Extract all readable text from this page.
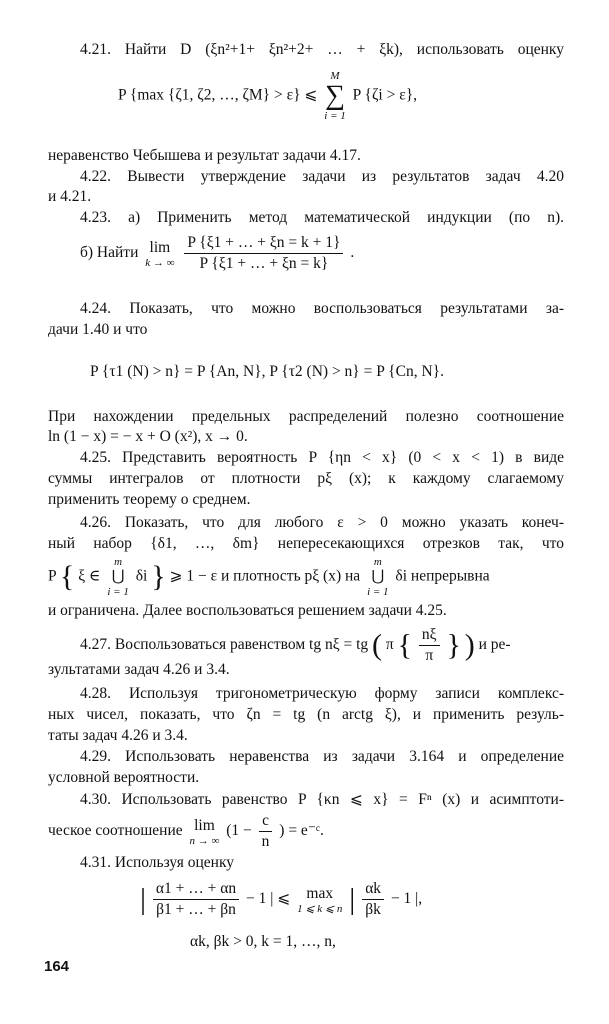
4.21. Найти D (ξn²+1+ ξn²+2+ … + ξk), использовать оценку
P {max {ζ1, ζ2, …, ζM} > ε} ⩽
M
∑
i = 1
P {ζi > ε},
неравенство Чебышева и результат задачи 4.17.
4.22. Вывести утверждение задачи из результатов задач 4.20
и 4.21.
4.23. а) Применить метод математической индукции (по n).
б) Найти lim
k → ∞
$\frac{P \{\xi 1 + \dots + \xi n = k + 1\}}{P \{\xi 1 + \dots + \xi n = k\}}$ .
4.24. Показать, что можно воспользоваться результатами за-
дачи 1.40 и что
P {τ1 (N) > n} = P {An, N}, P {τ2 (N) > n} = P {Cn, N}.
При нахождении предельных распределений полезно соотношение
ln (1 − x) = − x + O (x²), x → 0.
4.25. Представить вероятность P {ηn < x} (0 < x < 1) в виде
суммы интегралов от плотности pξ (x); к каждому слагаемому
применить теорему о среднем.
4.26. Показать, что для любого ε > 0 можно указать конеч-
ный набор {δ1, …, δm} непересекающихся отрезков так, что
P { ξ ∈
m
⋃
i = 1
δi } ⩾ 1 − ε и плотность pξ (x) на
m
⋃
i = 1
δi непрерывна
и ограничена. Далее воспользоваться решением задачи 4.25.
4.27. Воспользоваться равенством tg nξ = tg ( π { $\frac{n\xi}{\pi}$ } ) и ре-
зультатами задач 4.26 и 3.4.
4.28. Используя тригонометрическую форму записи комплекс-
ных чисел, показать, что ζn = tg (n arctg ξ), и применить резуль-
таты задач 4.26 и 3.4.
4.29. Использовать неравенства из задачи 3.164 и определение
условной вероятности.
4.30. Использовать равенство P {κn ⩽ x} = Fⁿ (x) и асимптоти-
ческое соотношение lim
n → ∞
($1 - \frac{c}{n}$ ) = e⁻ᶜ.
4.31. Используя оценку
| $\frac{\alpha 1 + \dots + \alpha n}{\beta 1 + \dots + \beta n} - 1$ | ⩽ max
1 ⩽ k ⩽ n | $\frac{\alpha k}{\beta k} - 1$ |,
αk, βk > 0, k = 1, …, n,
164
